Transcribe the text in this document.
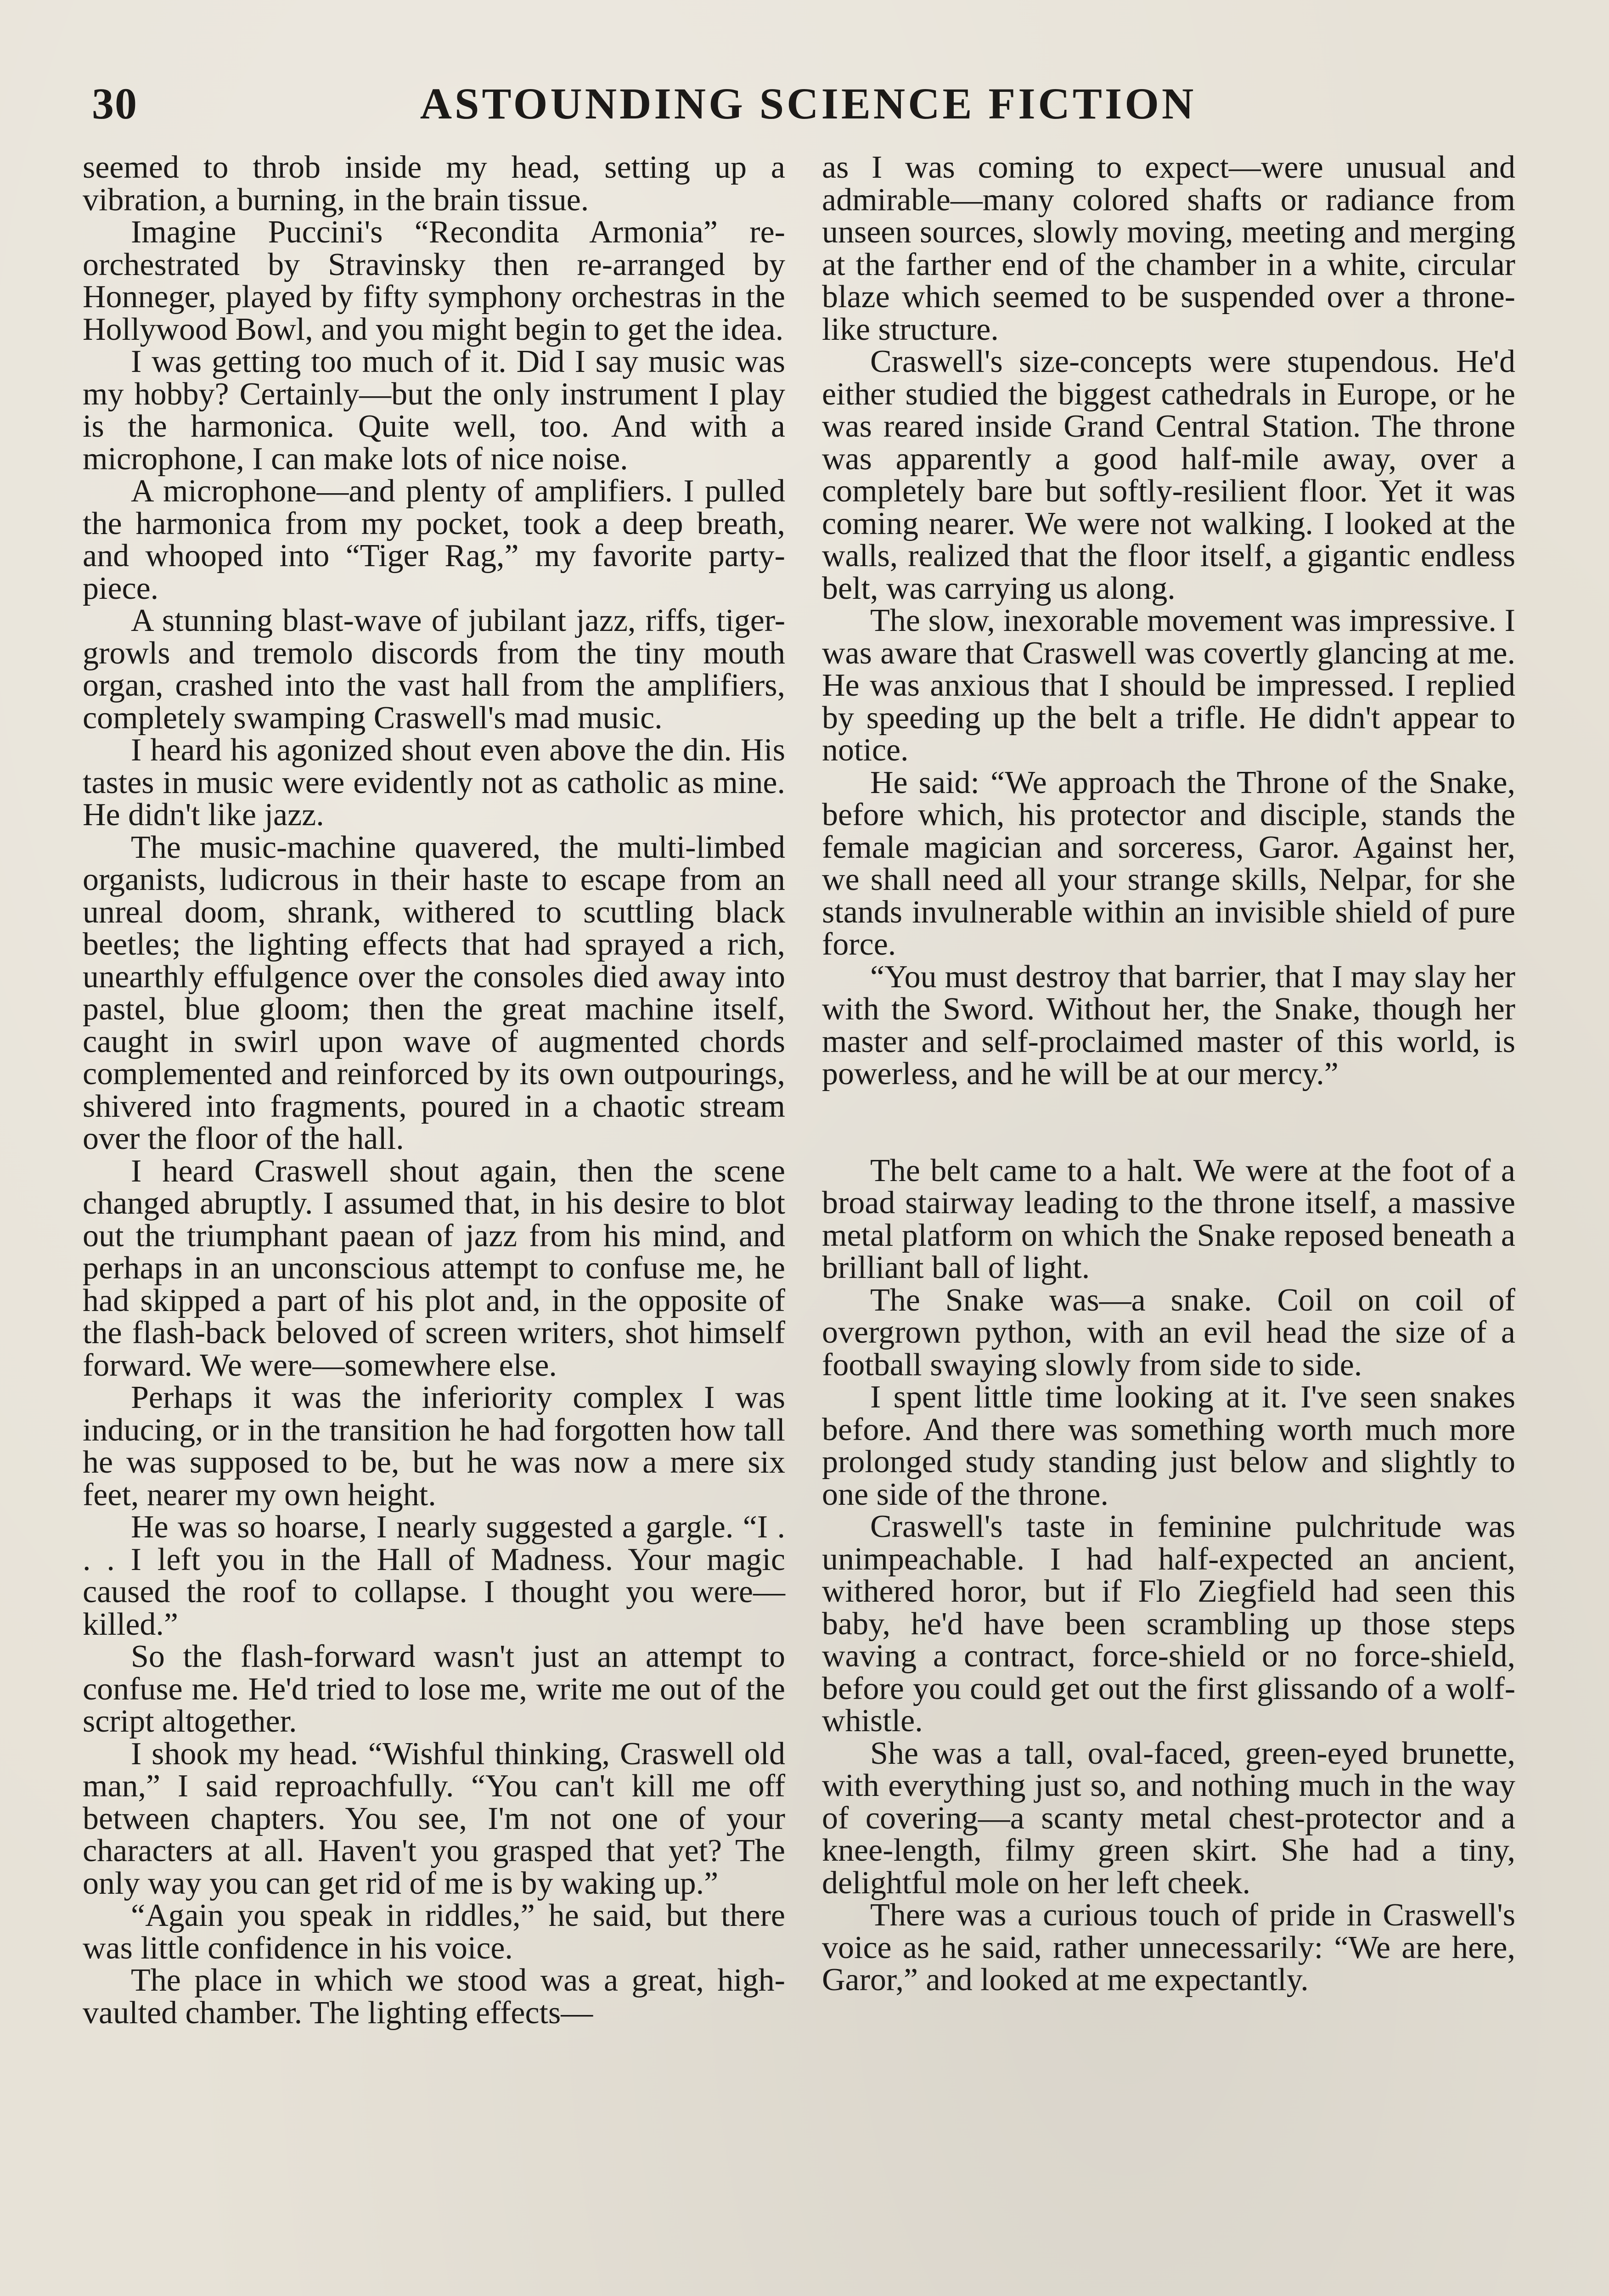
30	ASTOUNDING SCIENCE FICTION

seemed to throb inside my head, setting up a vibration, a burning, in the brain tissue.

Imagine Puccini's “Recondita Armonia” re-orchestrated by Stravinsky then re-arranged by Honneger, played by fifty symphony orchestras in the Hollywood Bowl, and you might begin to get the idea.

I was getting too much of it. Did I say music was my hobby? Certainly—but the only instrument I play is the harmonica. Quite well, too. And with a microphone, I can make lots of nice noise.

A microphone—and plenty of amplifiers. I pulled the harmonica from my pocket, took a deep breath, and whooped into “Tiger Rag,” my favorite party-piece.

A stunning blast-wave of jubilant jazz, riffs, tiger-growls and tremolo discords from the tiny mouth organ, crashed into the vast hall from the amplifiers, completely swamping Craswell's mad music.

I heard his agonized shout even above the din. His tastes in music were evidently not as catholic as mine. He didn't like jazz.

The music-machine quavered, the multi-limbed organists, ludicrous in their haste to escape from an unreal doom, shrank, withered to scuttling black beetles; the lighting effects that had sprayed a rich, unearthly effulgence over the consoles died away into pastel, blue gloom; then the great machine itself, caught in swirl upon wave of augmented chords complemented and reinforced by its own outpourings, shivered into fragments, poured in a chaotic stream over the floor of the hall.

I heard Craswell shout again, then the scene changed abruptly. I assumed that, in his desire to blot out the triumphant paean of jazz from his mind, and perhaps in an unconscious attempt to confuse me, he had skipped a part of his plot and, in the opposite of the flash-back beloved of screen writers, shot himself forward. We were—somewhere else.

Perhaps it was the inferiority complex I was inducing, or in the transition he had forgotten how tall he was supposed to be, but he was now a mere six feet, nearer my own height.

He was so hoarse, I nearly suggested a gargle. “I . . . I left you in the Hall of Madness. Your magic caused the roof to collapse. I thought you were—killed.”

So the flash-forward wasn't just an attempt to confuse me. He'd tried to lose me, write me out of the script altogether.

I shook my head. “Wishful thinking, Craswell old man,” I said reproachfully. “You can't kill me off between chapters. You see, I'm not one of your characters at all. Haven't you grasped that yet? The only way you can get rid of me is by waking up.”

“Again you speak in riddles,” he said, but there was little confidence in his voice.

The place in which we stood was a great, high-vaulted chamber. The lighting effects—

as I was coming to expect—were unusual and admirable—many colored shafts or radiance from unseen sources, slowly moving, meeting and merging at the farther end of the chamber in a white, circular blaze which seemed to be suspended over a throne-like structure.

Craswell's size-concepts were stupendous. He'd either studied the biggest cathedrals in Europe, or he was reared inside Grand Central Station. The throne was apparently a good half-mile away, over a completely bare but softly-resilient floor. Yet it was coming nearer. We were not walking. I looked at the walls, realized that the floor itself, a gigantic endless belt, was carrying us along.

The slow, inexorable movement was impressive. I was aware that Craswell was covertly glancing at me. He was anxious that I should be impressed. I replied by speeding up the belt a trifle. He didn't appear to notice.

He said: “We approach the Throne of the Snake, before which, his protector and disciple, stands the female magician and sorceress, Garor. Against her, we shall need all your strange skills, Nelpar, for she stands invulnerable within an invisible shield of pure force.

“You must destroy that barrier, that I may slay her with the Sword. Without her, the Snake, though her master and self-proclaimed master of this world, is powerless, and he will be at our mercy.”

The belt came to a halt. We were at the foot of a broad stairway leading to the throne itself, a massive metal platform on which the Snake reposed beneath a brilliant ball of light.

The Snake was—a snake. Coil on coil of overgrown python, with an evil head the size of a football swaying slowly from side to side.

I spent little time looking at it. I've seen snakes before. And there was something worth much more prolonged study standing just below and slightly to one side of the throne.

Craswell's taste in feminine pulchritude was unimpeachable. I had half-expected an ancient, withered horor, but if Flo Ziegfield had seen this baby, he'd have been scrambling up those steps waving a contract, force-shield or no force-shield, before you could get out the first glissando of a wolf-whistle.

She was a tall, oval-faced, green-eyed brunette, with everything just so, and nothing much in the way of covering—a scanty metal chest-protector and a knee-length, filmy green skirt. She had a tiny, delightful mole on her left cheek.

There was a curious touch of pride in Craswell's voice as he said, rather unnecessarily: “We are here, Garor,” and looked at me expectantly.
